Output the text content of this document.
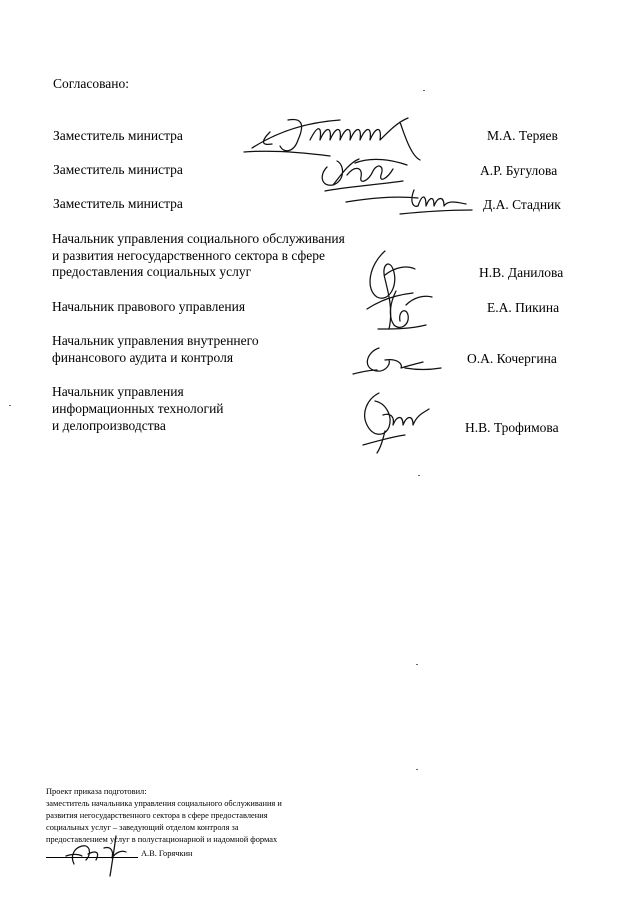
Согласовано:
Заместитель министра	М.А. Теряев
Заместитель министра	А.Р. Бугулова
Заместитель министра	Д.А. Стадник
Начальник управления социального обслуживания
и развития негосударственного сектора в сфере
предоставления социальных услуг	Н.В. Данилова
Начальник правового управления	Е.А. Пикина
Начальник управления внутреннего
финансового аудита и контроля	О.А. Кочергина
Начальник управления
информационных технологий
и делопроизводства	Н.В. Трофимова
Проект приказа подготовил:
заместитель начальника управления социального обслуживания и
развития негосударственного сектора в сфере предоставления
социальных услуг – заведующий отделом контроля за
предоставлением услуг в полустационарной и надомной формах
А.В. Горячкин
